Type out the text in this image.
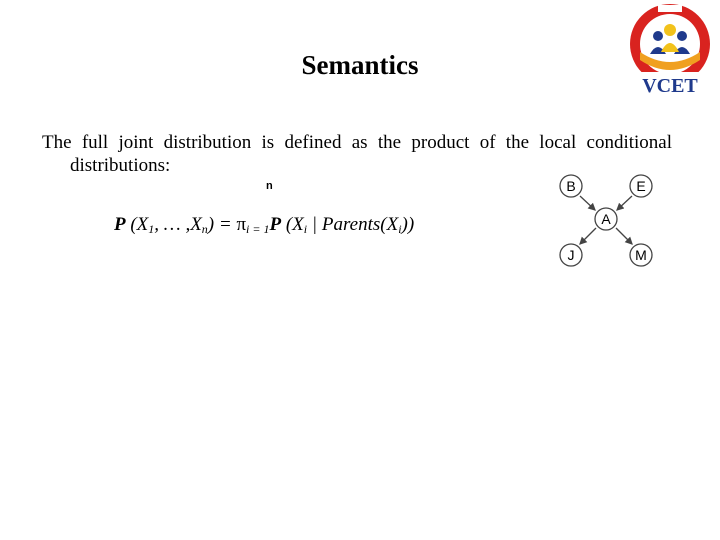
Semantics
The full joint distribution is defined as the product of the local conditional
distributions:
n
P ($X_1$, … $,X_n) = \pi_{i = 1}P$ ($X_i$ | $Parents(X_i)$)
VCET
B	E
A
J	M
